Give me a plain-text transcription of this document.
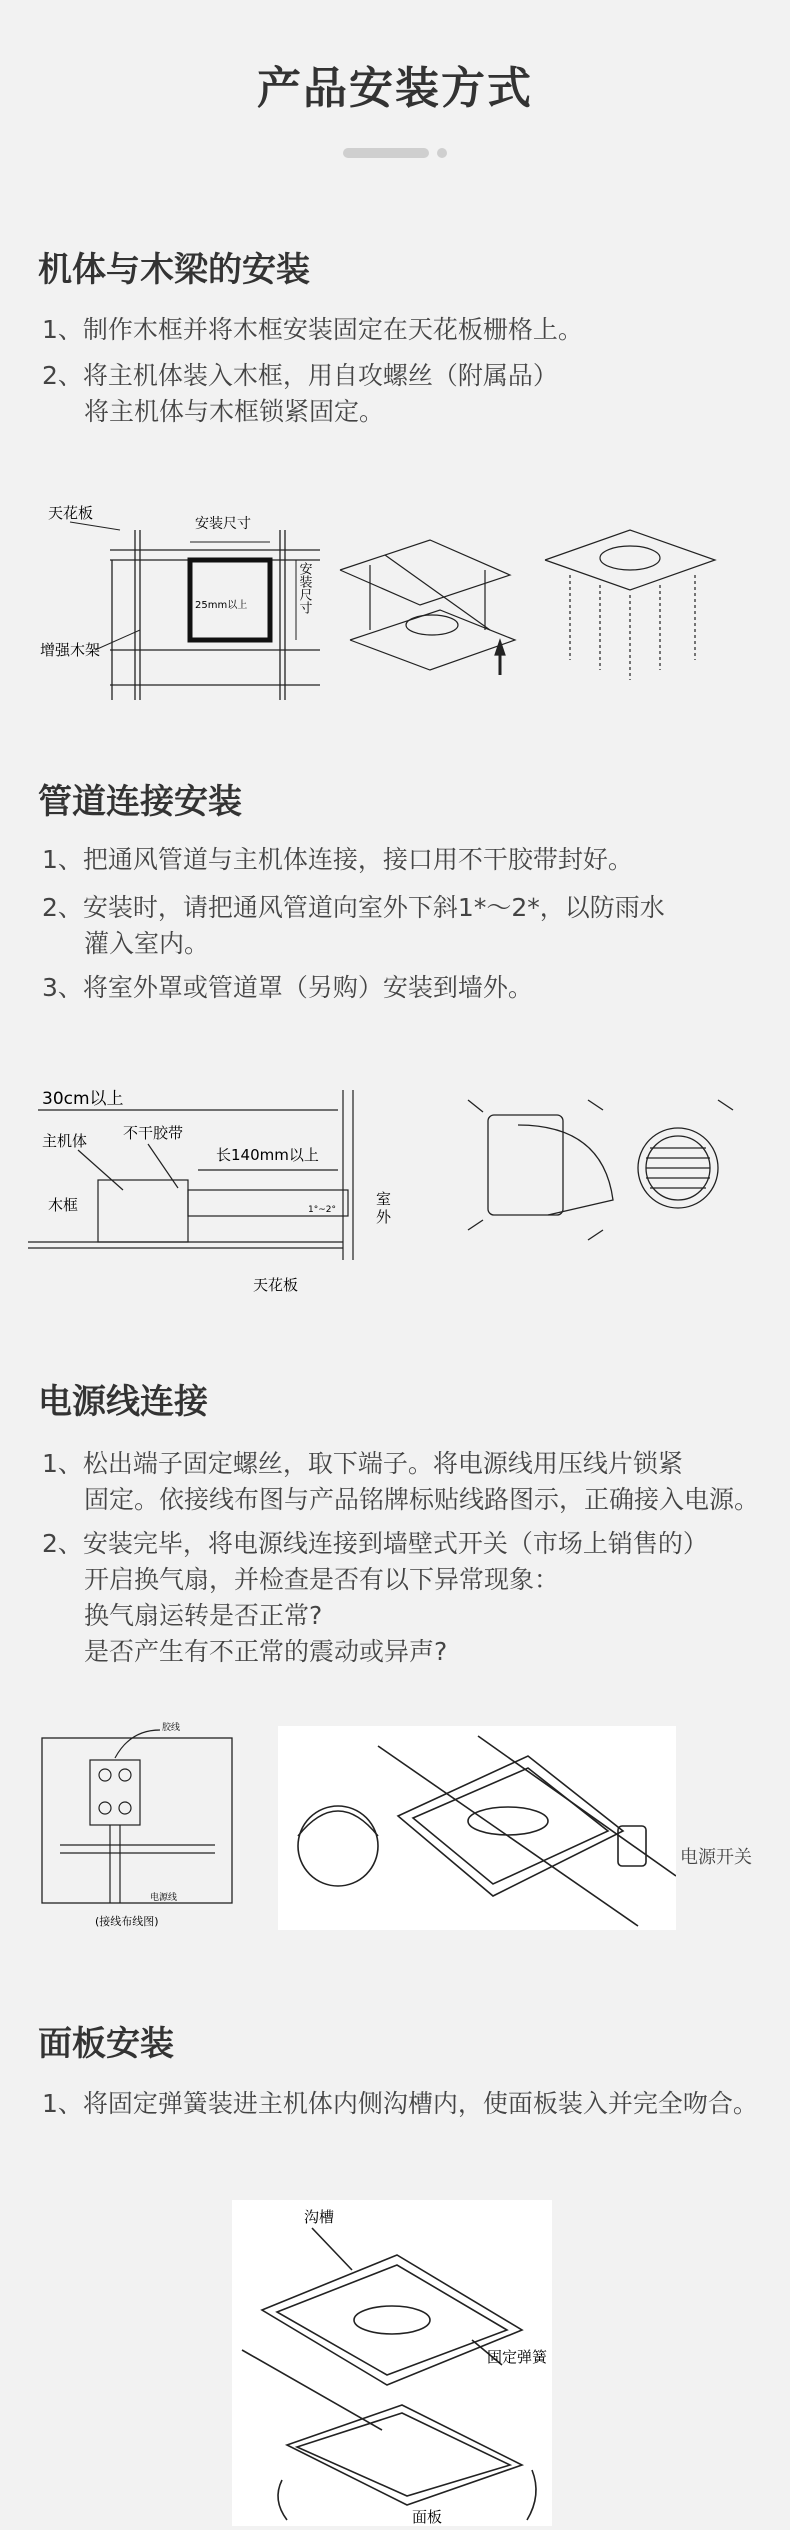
产品安装方式
机体与木梁的安装
1、制作木框并将木框安装固定在天花板栅格上。
2、将主机体装入木框，用自攻螺丝（附属品）
将主机体与木框锁紧固定。
25mm以上
天花板
安装尺寸
安装尺寸
增强木架
管道连接安装
1、把通风管道与主机体连接，接口用不干胶带封好。
2、安装时，请把通风管道向室外下斜1*～2*，以防雨水
灌入室内。
3、将室外罩或管道罩（另购）安装到墙外。
30cm以上
主机体 不干胶带
长140mm以上
木框
天花板
室
外
1°~2°
电源线连接
1、松出端子固定螺丝，取下端子。将电源线用压线片锁紧
固定。依接线布图与产品铭牌标贴线路图示，正确接入电源。
2、安装完毕，将电源线连接到墙壁式开关（市场上销售的）
开启换气扇，并检查是否有以下异常现象：
换气扇运转是否正常?
是否产生有不正常的震动或异声?
胶线
电源线
(接线布线图)
电源开关
面板安装
1、将固定弹簧装进主机体内侧沟槽内，使面板装入并完全吻合。
沟槽
固定弹簧
面板
